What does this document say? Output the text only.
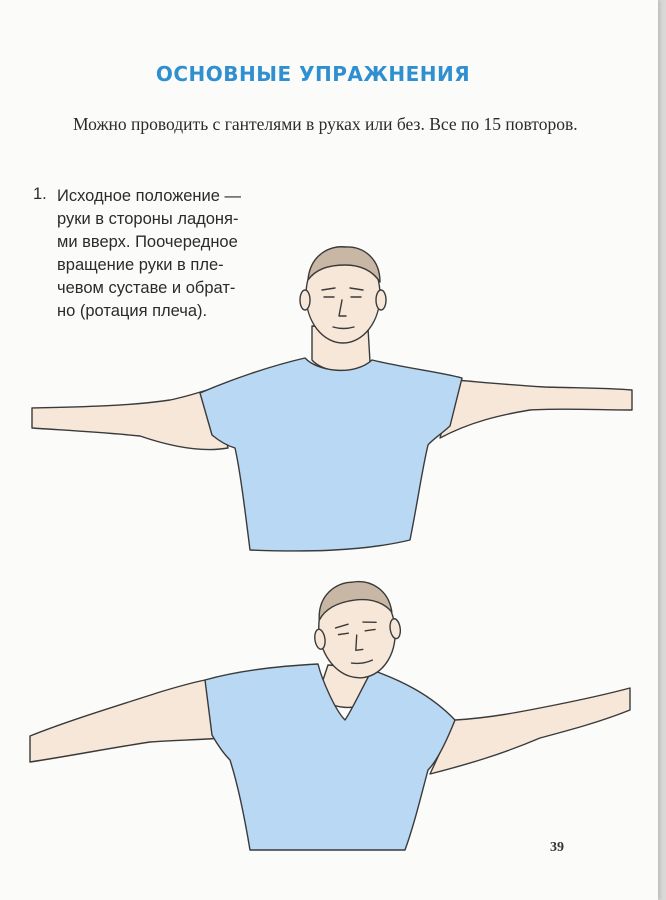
ОСНОВНЫЕ УПРАЖНЕНИЯ
Можно проводить с гантелями в руках или без. Все по 15 повторов.
1. Исходное положение —
руки в стороны ладоня-
ми вверх. Поочередное
вращение руки в пле-
чевом суставе и обрат-
но (ротация плеча).
39
